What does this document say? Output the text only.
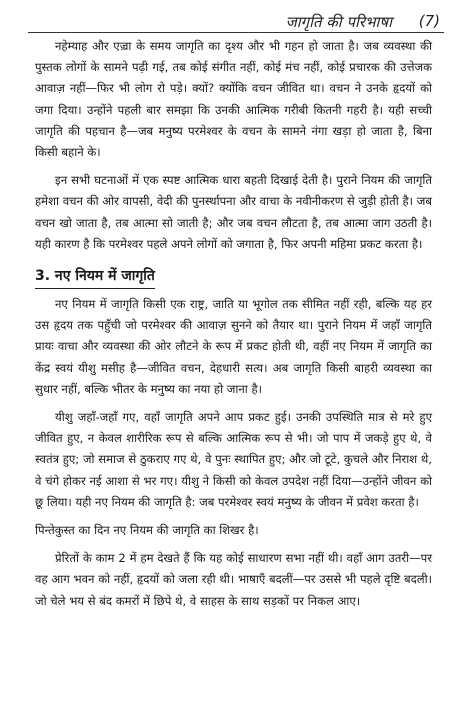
जागृति की परिभाषा (7)

नहेम्याह और एज़्रा के समय जागृति का दृश्य और भी गहन हो जाता है। जब व्यवस्था की पुस्तक लोगों के सामने पढ़ी गई, तब कोई संगीत नहीं, कोई मंच नहीं, कोई प्रचारक की उत्तेजक आवाज़ नहीं—फिर भी लोग रो पड़े। क्यों? क्योंकि वचन जीवित था। वचन ने उनके हृदयों को जगा दिया। उन्होंने पहली बार समझा कि उनकी आत्मिक गरीबी कितनी गहरी है। यही सच्ची जागृति की पहचान है—जब मनुष्य परमेश्वर के वचन के सामने नंगा खड़ा हो जाता है, बिना किसी बहाने के।

इन सभी घटनाओं में एक स्पष्ट आत्मिक धारा बहती दिखाई देती है। पुराने नियम की जागृति हमेशा वचन की ओर वापसी, वेदी की पुनर्स्थापना और वाचा के नवीनीकरण से जुड़ी होती है। जब वचन खो जाता है, तब आत्मा सो जाती है; और जब वचन लौटता है, तब आत्मा जाग उठती है। यही कारण है कि परमेश्वर पहले अपने लोगों को जगाता है, फिर अपनी महिमा प्रकट करता है।

3. नए नियम में जागृति

नए नियम में जागृति किसी एक राष्ट्र, जाति या भूगोल तक सीमित नहीं रही, बल्कि यह हर उस हृदय तक पहुँची जो परमेश्वर की आवाज़ सुनने को तैयार था। पुराने नियम में जहाँ जागृति प्रायः वाचा और व्यवस्था की ओर लौटने के रूप में प्रकट होती थी, वहीं नए नियम में जागृति का केंद्र स्वयं यीशु मसीह है—जीवित वचन, देहधारी सत्य। अब जागृति किसी बाहरी व्यवस्था का सुधार नहीं, बल्कि भीतर के मनुष्य का नया हो जाना है।

यीशु जहाँ-जहाँ गए, वहाँ जागृति अपने आप प्रकट हुई। उनकी उपस्थिति मात्र से मरे हुए जीवित हुए, न केवल शारीरिक रूप से बल्कि आत्मिक रूप से भी। जो पाप में जकड़े हुए थे, वे स्वतंत्र हुए; जो समाज से ठुकराए गए थे, वे पुनः स्थापित हुए; और जो टूटे, कुचले और निराश थे, वे चंगे होकर नई आशा से भर गए। यीशु ने किसी को केवल उपदेश नहीं दिया—उन्होंने जीवन को छू लिया। यही नए नियम की जागृति है: जब परमेश्वर स्वयं मनुष्य के जीवन में प्रवेश करता है।

पिन्तेकुस्त का दिन नए नियम की जागृति का शिखर है।

प्रेरितों के काम 2 में हम देखते हैं कि यह कोई साधारण सभा नहीं थी। वहाँ आग उतरी—पर वह आग भवन को नहीं, हृदयों को जला रही थी। भाषाएँ बदलीं—पर उससे भी पहले दृष्टि बदली। जो चेले भय से बंद कमरों में छिपे थे, वे साहस के साथ सड़कों पर निकल आए।
